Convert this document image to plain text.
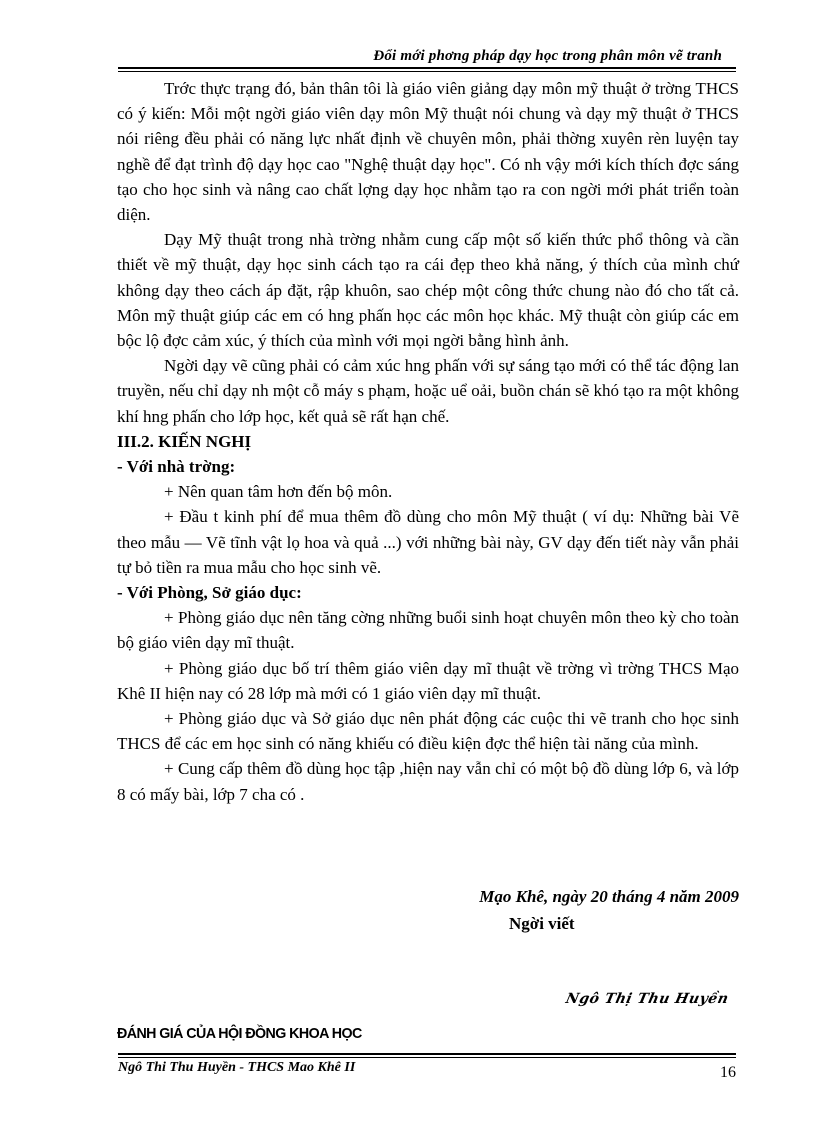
Đổi mới phơng pháp dạy học trong phân môn vẽ tranh

Trớc thực trạng đó, bản thân tôi là giáo viên giảng dạy môn mỹ thuật ở trờng THCS có ý kiến: Mỗi một ngời giáo viên dạy môn Mỹ thuật nói chung và dạy mỹ thuật ở THCS nói riêng đều phải có năng lực nhất định về chuyên môn, phải thờng xuyên rèn luyện tay nghề để đạt trình độ dạy học cao "Nghệ thuật dạy học". Có nh vậy mới kích thích đợc sáng tạo cho học sinh và nâng cao chất lợng dạy học nhằm tạo ra con ngời mới phát triển toàn diện.

Dạy Mỹ thuật trong nhà trờng nhằm cung cấp một số kiến thức phổ thông và cần thiết về mỹ thuật, dạy học sinh cách tạo ra cái đẹp theo khả năng, ý thích của mình chứ không dạy theo cách áp đặt, rập khuôn, sao chép một công thức chung nào đó cho tất cả. Môn mỹ thuật giúp các em có hng phấn học các môn học khác. Mỹ thuật còn giúp các em bộc lộ đợc cảm xúc, ý thích của mình với mọi ngời bằng hình ảnh.

Ngời dạy vẽ cũng phải có cảm xúc hng phấn với sự sáng tạo mới có thể tác động lan truyền, nếu chỉ dạy nh một cỗ máy s phạm, hoặc uể oải, buồn chán sẽ khó tạo ra một không khí hng phấn cho lớp học, kết quả sẽ rất hạn chế.

III.2. KIẾN NGHỊ

- Với nhà trờng:

+ Nên quan tâm hơn đến bộ môn.

+ Đầu t kinh phí để mua thêm đồ dùng cho môn Mỹ thuật ( ví dụ: Những bài Vẽ theo mẫu — Vẽ tĩnh vật lọ hoa và quả ...) với những bài này, GV dạy đến tiết này vẫn phải tự bỏ tiền ra mua mẫu cho học sinh vẽ.

- Với Phòng, Sở giáo dục:

+ Phòng giáo dục nên tăng cờng những buổi sinh hoạt chuyên môn theo kỳ cho toàn bộ giáo viên dạy mĩ thuật.

+ Phòng giáo dục bố trí thêm giáo viên dạy mĩ thuật về trờng vì trờng THCS Mạo Khê II hiện nay có 28 lớp mà mới có 1 giáo viên dạy mĩ thuật.

+ Phòng giáo dục và Sở giáo dục nên phát động các cuộc thi vẽ tranh cho học sinh THCS để các em học sinh có năng khiếu có điều kiện đợc thể hiện tài năng của mình.

+ Cung cấp thêm đồ dùng học tập ,hiện nay vẫn chỉ có một bộ đồ dùng lớp 6, và lớp 8 có mấy bài, lớp 7 cha có .

Mạo Khê, ngày 20 tháng 4 năm 2009
Ngời viết
Ngô Thị Thu Huyền
ĐÁNH GIÁ CỦA HỘI ĐỒNG KHOA HỌC
Ngô Thi Thu Huyền - THCS Mao Khê II	16
